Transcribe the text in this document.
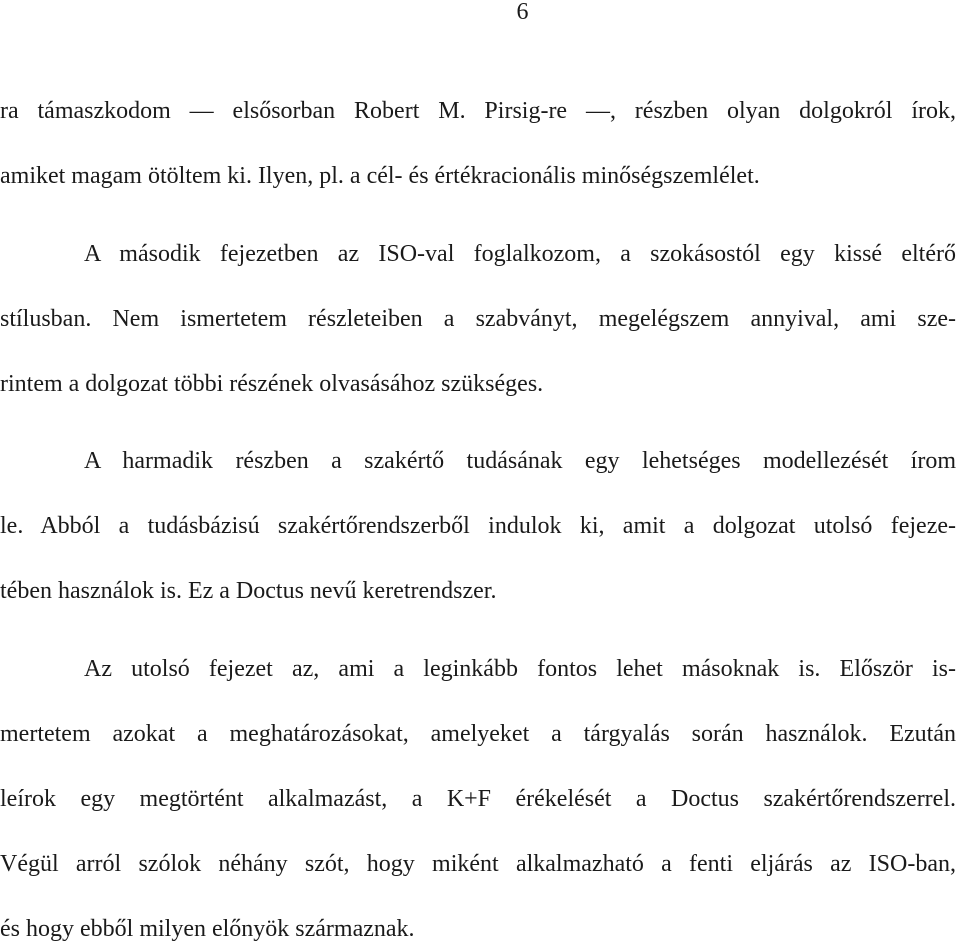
6
ra támaszkodom — elsősorban Robert M. Pirsig-re —, részben olyan dolgokról írok,
amiket magam ötöltem ki. Ilyen, pl. a cél- és értékracionális minőségszemlélet.
A második fejezetben az ISO-val foglalkozom, a szokásostól egy kissé eltérő
stílusban. Nem ismertetem részleteiben a szabványt, megelégszem annyival, ami sze-
rintem a dolgozat többi részének olvasásához szükséges.
A harmadik részben a szakértő tudásának egy lehetséges modellezését írom
le. Abból a tudásbázisú szakértőrendszerből indulok ki, amit a dolgozat utolsó fejeze-
tében használok is. Ez a Doctus nevű keretrendszer.
Az utolsó fejezet az, ami a leginkább fontos lehet másoknak is. Először is-
mertetem azokat a meghatározásokat, amelyeket a tárgyalás során használok. Ezután
leírok egy megtörtént alkalmazást, a K+F érékelését a Doctus szakértőrendszerrel.
Végül arról szólok néhány szót, hogy miként alkalmazható a fenti eljárás az ISO-ban,
és hogy ebből milyen előnyök származnak.
